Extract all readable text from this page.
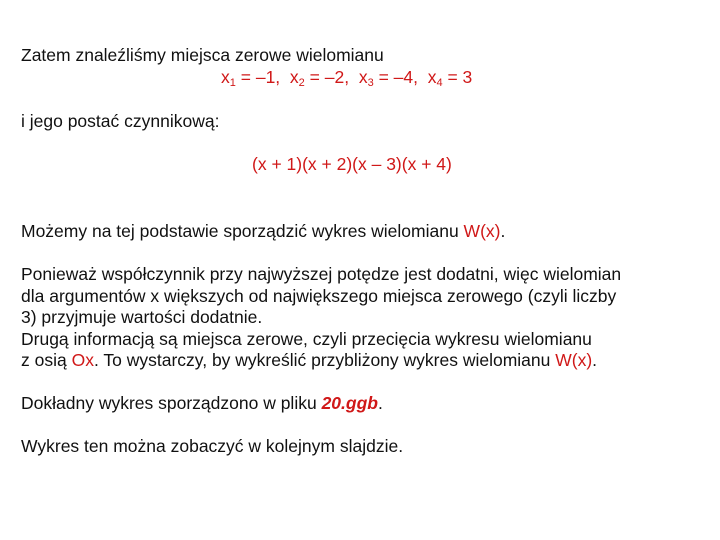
Zatem znaleźliśmy miejsca zerowe wielomianu
$x_1 = -1$, $x_2 = -2$, $x_3 = -4$, $x_4 = 3$
i jego postać czynnikową:
(x + 1)(x + 2)(x – 3)(x + 4)
Możemy na tej podstawie sporządzić wykres wielomianu W(x).
Ponieważ współczynnik przy najwyższej potędze jest dodatni, więc wielomian
dla argumentów x większych od największego miejsca zerowego (czyli liczby
3) przyjmuje wartości dodatnie.
Drugą informacją są miejsca zerowe, czyli przecięcia wykresu wielomianu
z osią Ox. To wystarczy, by wykreślić przybliżony wykres wielomianu W(x).
Dokładny wykres sporządzono w pliku 20.ggb.
Wykres ten można zobaczyć w kolejnym slajdzie.
